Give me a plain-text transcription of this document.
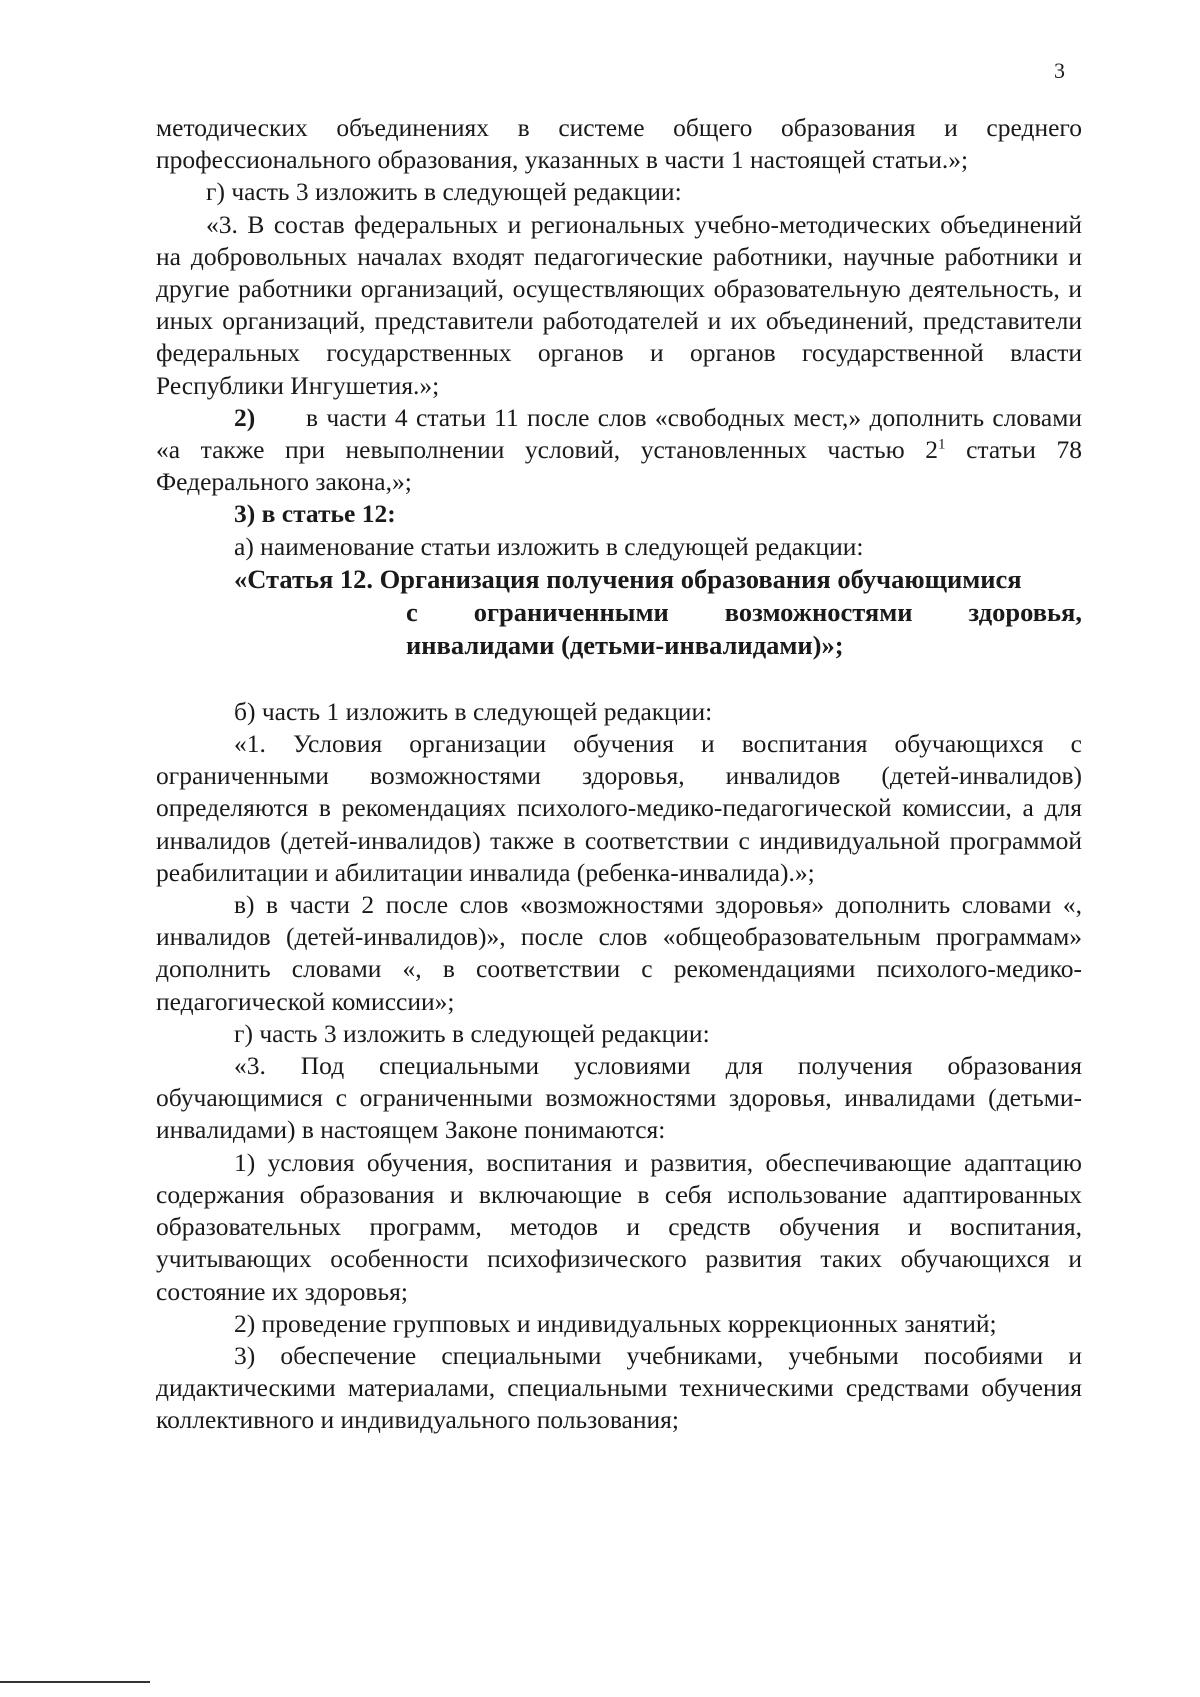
3

методических объединениях в системе общего образования и среднего профессионального образования, указанных в части 1 настоящей статьи.»;

г) часть 3 изложить в следующей редакции:

«3. В состав федеральных и региональных учебно-методических объединений на добровольных началах входят педагогические работники, научные работники и другие работники организаций, осуществляющих образовательную деятельность, и иных организаций, представители работодателей и их объединений, представители федеральных государственных органов и органов государственной власти Республики Ингушетия.»;

2) в части 4 статьи 11 после слов «свободных мест,» дополнить словами «а также при невыполнении условий, установленных частью $2^1$ статьи 78 Федерального закона,»;

3) в статье 12:

а) наименование статьи изложить в следующей редакции:

«Статья 12. Организация получения образования обучающимися

с ограниченными возможностями здоровья, инвалидами (детьми-инвалидами)»;

б) часть 1 изложить в следующей редакции:

«1. Условия организации обучения и воспитания обучающихся с ограниченными возможностями здоровья, инвалидов (детей-инвалидов) определяются в рекомендациях психолого-медико-педагогической комиссии, а для инвалидов (детей-инвалидов) также в соответствии с индивидуальной программой реабилитации и абилитации инвалида (ребенка-инвалида).»;

в) в части 2 после слов «возможностями здоровья» дополнить словами «, инвалидов (детей-инвалидов)», после слов «общеобразовательным программам» дополнить словами «, в соответствии с рекомендациями психолого-медико-педагогической комиссии»;

г) часть 3 изложить в следующей редакции:

«3. Под специальными условиями для получения образования обучающимися с ограниченными возможностями здоровья, инвалидами (детьми-инвалидами) в настоящем Законе понимаются:

1) условия обучения, воспитания и развития, обеспечивающие адаптацию содержания образования и включающие в себя использование адаптированных образовательных программ, методов и средств обучения и воспитания, учитывающих особенности психофизического развития таких обучающихся и состояние их здоровья;

2) проведение групповых и индивидуальных коррекционных занятий;

3) обеспечение специальными учебниками, учебными пособиями и дидактическими материалами, специальными техническими средствами обучения коллективного и индивидуального пользования;
